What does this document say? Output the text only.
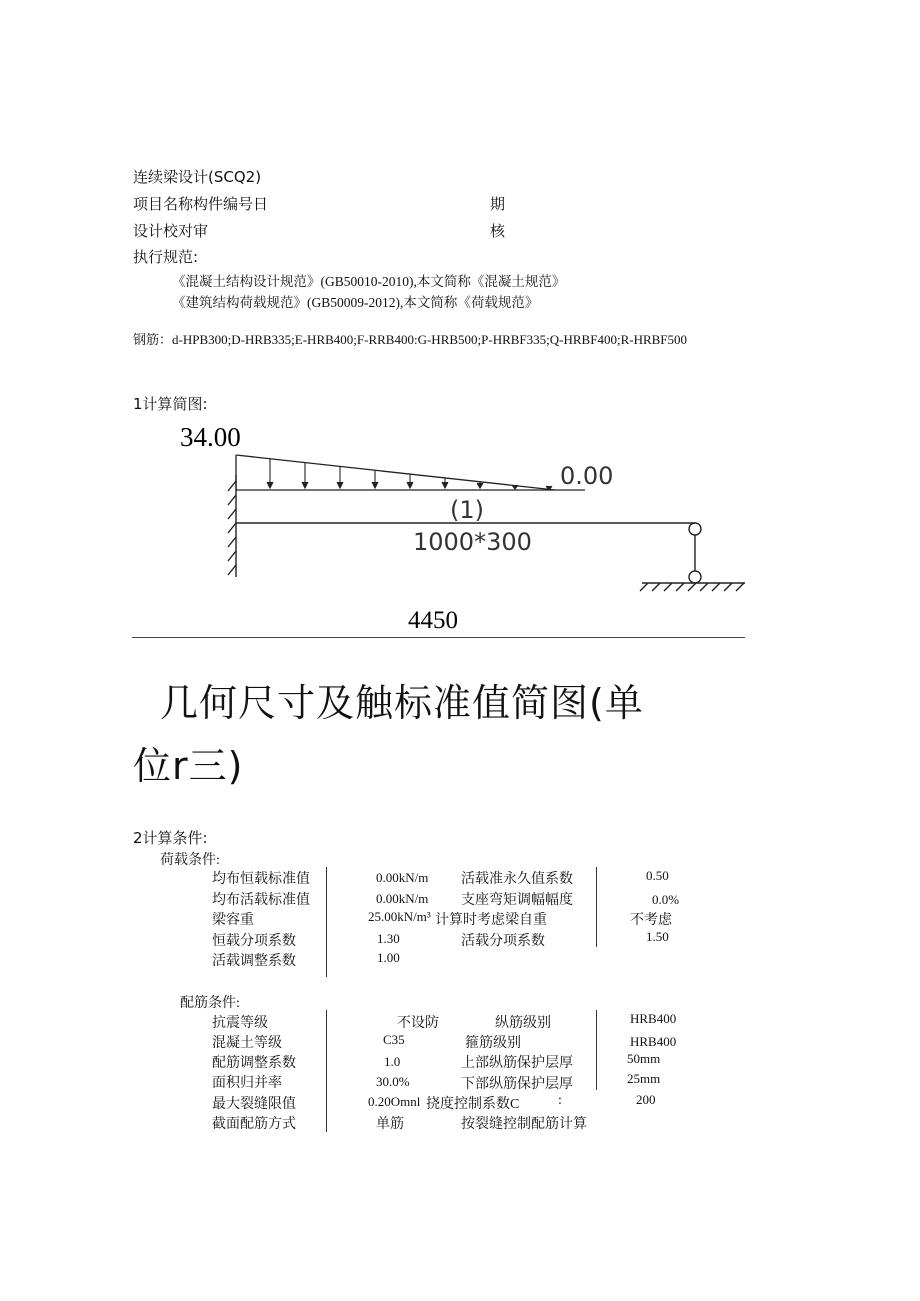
连续梁设计(SCQ2)
项目名称构件编号日	期
设计校对审	核
执行规范:
《混凝土结构设计规范》(GB50010-2010),本文简称《混凝土规范》
《建筑结构荷载规范》(GB50009-2012),本文简称《荷载规范》
钢筋：d-HPB300;D-HRB335;E-HRB400;F-RRB400:G-HRB500;P-HRBF335;Q-HRBF400;R-HRBF500
1计算简图:
34.00
0.00
(1)
1000*300
4450
几何尺寸及触标准值简图(单
位r三)
2计算条件:
荷载条件:
均布恒载标准值	0.00kN/m 活载准永久值系数	0.50
均布活载标准值	0.00kN/m 支座弯矩调幅幅度	0.0%
梁容重	25.00kN/m³ 计算时考虑梁自重	不考虑
恒载分项系数	1.30	活载分项系数	1.50
活载调整系数	1.00
配筋条件:
抗震等级	不设防	纵筋级别	HRB400
混凝土等级	C35	箍筋级别	HRB400
配筋调整系数	1.0	上部纵筋保护层厚	50mm
面积归并率	30.0%	下部纵筋保护层厚	25mm
最大裂缝限值	0.20Omnl 挠度控制系数C	:	200
截面配筋方式	单筋	按裂缝控制配筋计算
